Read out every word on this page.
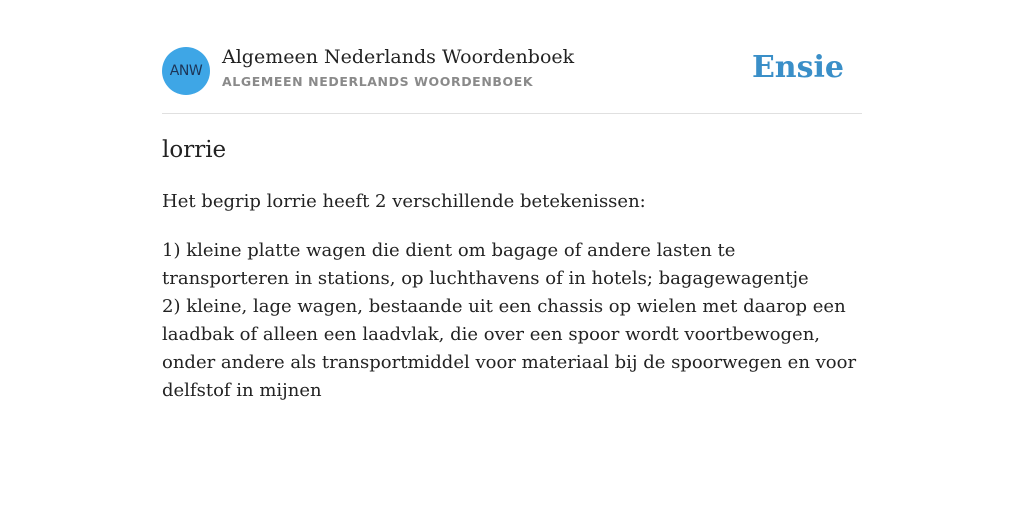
ANW
Algemeen Nederlands Woordenboek
ALGEMEEN NEDERLANDS WOORDENBOEK	Ensie
lorrie

Het begrip lorrie heeft 2 verschillende betekenissen:

1) kleine platte wagen die dient om bagage of andere lasten te transporteren in stations, op luchthavens of in hotels; bagagewagentje

2) kleine, lage wagen, bestaande uit een chassis op wielen met daarop een laadbak of alleen een laadvlak, die over een spoor wordt voortbewogen, onder andere als transportmiddel voor materiaal bij de spoorwegen en voor delfstof in mijnen
